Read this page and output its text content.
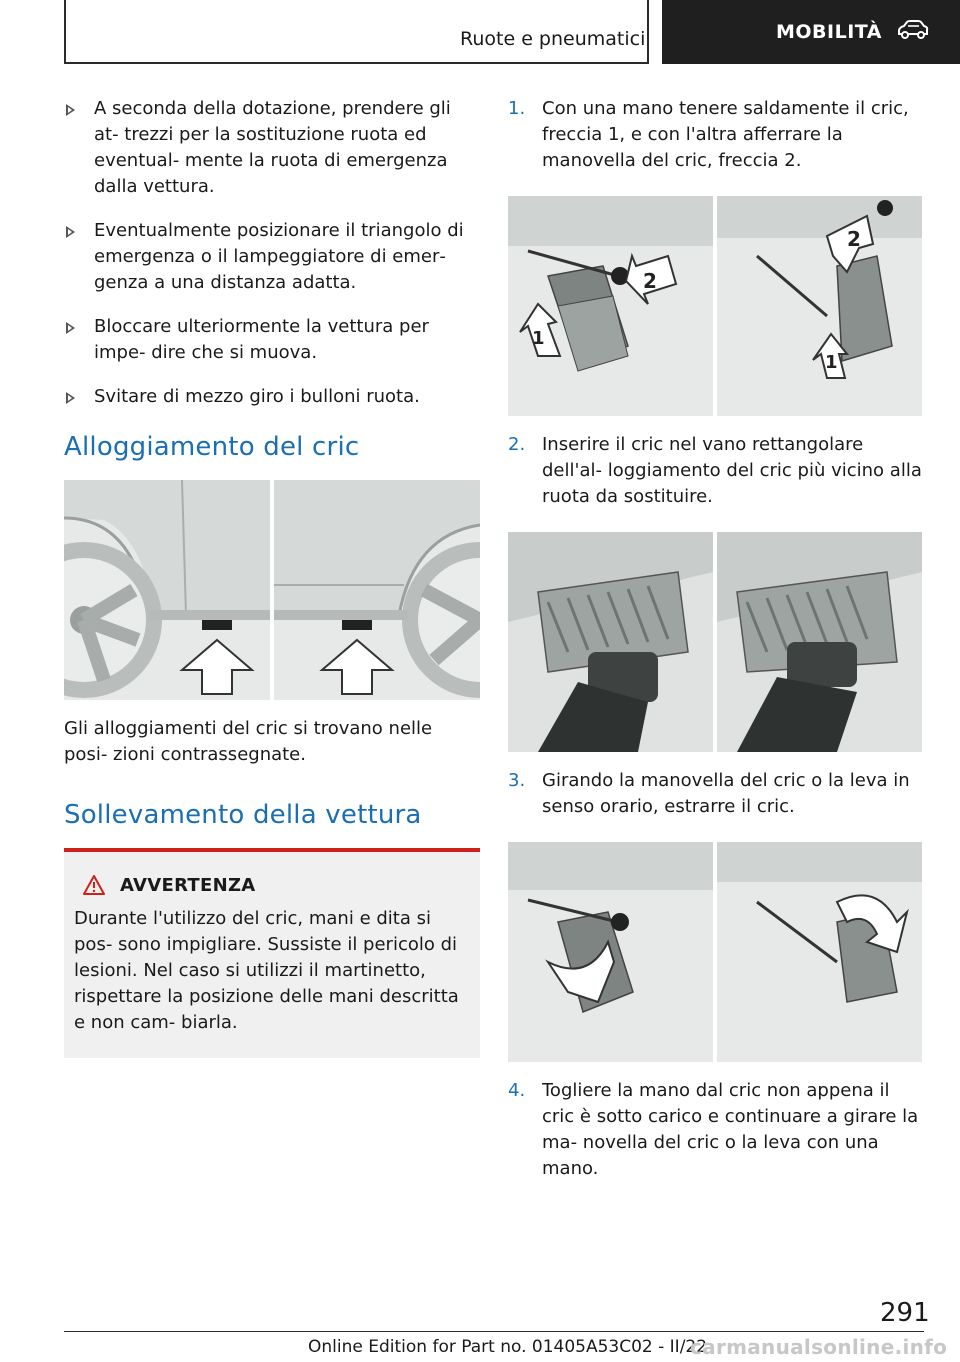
Ruote e pneumatici	MOBILITÀ
A seconda della dotazione, prendere gli at‐ trezzi per la sostituzione ruota ed eventual‐ mente la ruota di emergenza dalla vettura.
Eventualmente posizionare il triangolo di emergenza o il lampeggiatore di emer‐ genza a una distanza adatta.
Bloccare ulteriormente la vettura per impe‐ dire che si muova.
Svitare di mezzo giro i bulloni ruota.
Alloggiamento del cric

Gli alloggiamenti del cric si trovano nelle posi‐ zioni contrassegnate.

Sollevamento della vettura
AVVERTENZA

Durante l'utilizzo del cric, mani e dita si pos‐ sono impigliare. Sussiste il pericolo di lesioni. Nel caso si utilizzi il martinetto, rispettare la posizione delle mani descritta e non cam‐ biarla.

1. Con una mano tenere saldamente il cric, freccia 1, e con l'altra afferrare la manovella del cric, freccia 2.
2
1
2
1
2. Inserire il cric nel vano rettangolare dell'al‐ loggiamento del cric più vicino alla ruota da sostituire.
3. Girando la manovella del cric o la leva in senso orario, estrarre il cric.
4. Togliere la mano dal cric non appena il cric è sotto carico e continuare a girare la ma‐ novella del cric o la leva con una mano.
291
Online Edition for Part no. 01405A53C02 - II/22
carmanualsonline.info
